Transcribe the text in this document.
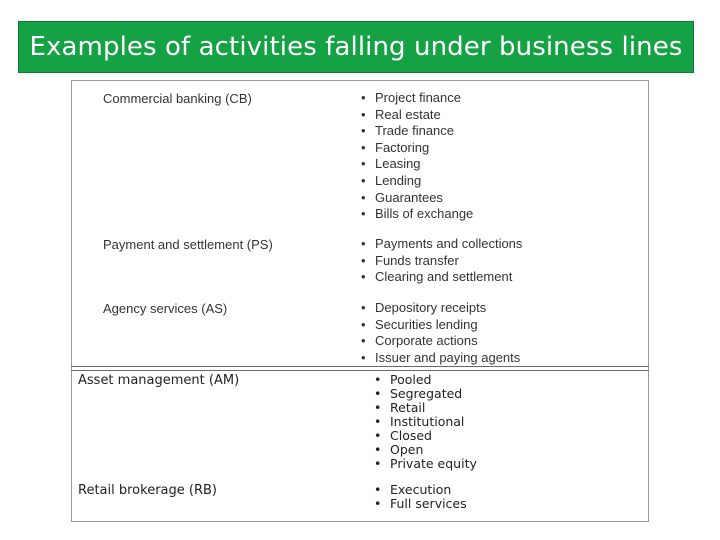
Examples of activities falling under business lines
Commercial banking (CB)	• Project finance
• Real estate
• Trade finance
• Factoring
• Leasing
• Lending
• Guarantees
• Bills of exchange
Payment and settlement (PS)	• Payments and collections
• Funds transfer
• Clearing and settlement
Agency services (AS)	• Depository receipts
• Securities lending
• Corporate actions
• Issuer and paying agents
Asset management (AM)	• Pooled
• Segregated
• Retail
• Institutional
• Closed
• Open
• Private equity
Retail brokerage (RB)	• Execution
• Full services
